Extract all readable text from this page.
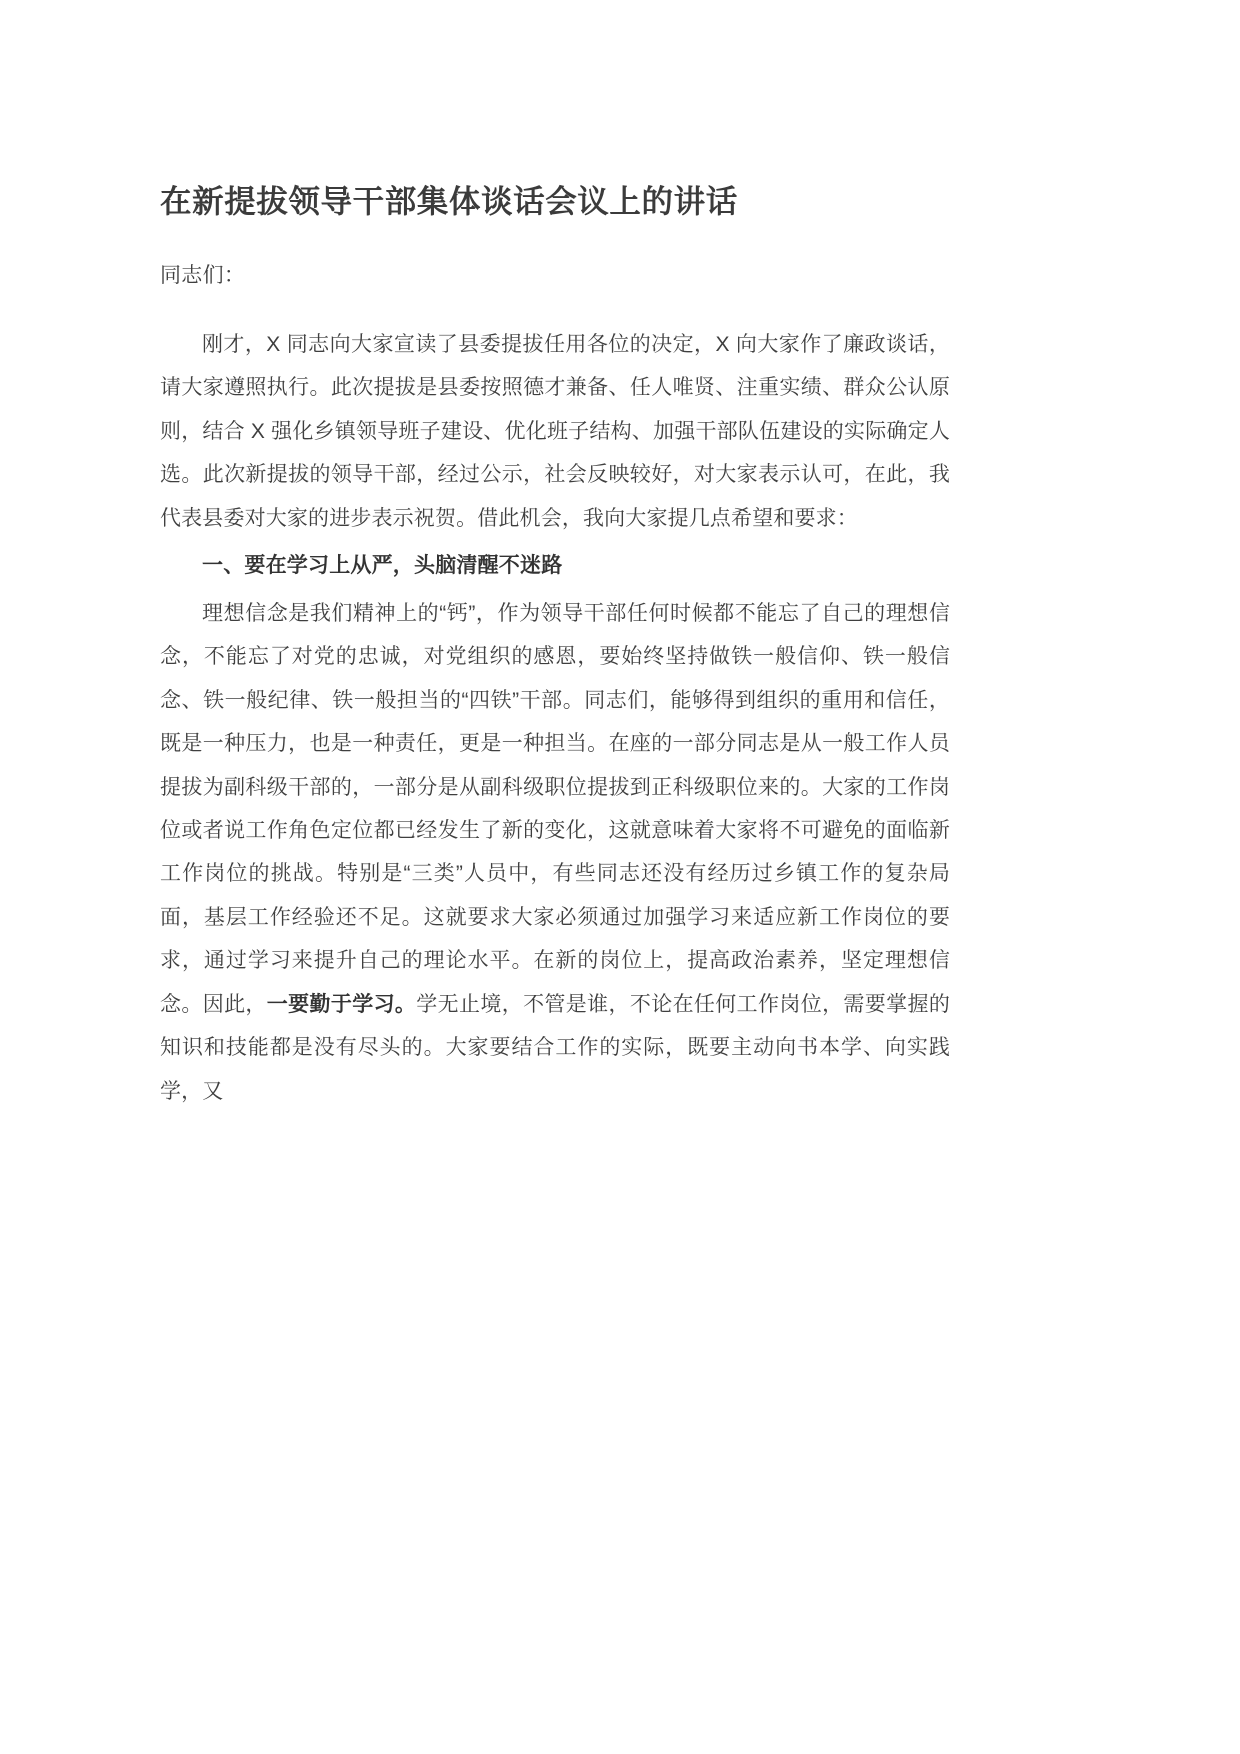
在新提拔领导干部集体谈话会议上的讲话

同志们：

刚才，X 同志向大家宣读了县委提拔任用各位的决定，X 向大家作了廉政谈话，请大家遵照执行。此次提拔是县委按照德才兼备、任人唯贤、注重实绩、群众公认原则，结合 X 强化乡镇领导班子建设、优化班子结构、加强干部队伍建设的实际确定人选。此次新提拔的领导干部，经过公示，社会反映较好，对大家表示认可，在此，我代表县委对大家的进步表示祝贺。借此机会，我向大家提几点希望和要求：

一、要在学习上从严，头脑清醒不迷路

理想信念是我们精神上的“钙”，作为领导干部任何时候都不能忘了自己的理想信念，不能忘了对党的忠诚，对党组织的感恩，要始终坚持做铁一般信仰、铁一般信念、铁一般纪律、铁一般担当的“四铁”干部。同志们，能够得到组织的重用和信任，既是一种压力，也是一种责任，更是一种担当。在座的一部分同志是从一般工作人员提拔为副科级干部的，一部分是从副科级职位提拔到正科级职位来的。大家的工作岗位或者说工作角色定位都已经发生了新的变化，这就意味着大家将不可避免的面临新工作岗位的挑战。特别是“三类”人员中，有些同志还没有经历过乡镇工作的复杂局面，基层工作经验还不足。这就要求大家必须通过加强学习来适应新工作岗位的要求，通过学习来提升自己的理论水平。在新的岗位上，提高政治素养，坚定理想信念。因此，一要勤于学习。学无止境，不管是谁，不论在任何工作岗位，需要掌握的知识和技能都是没有尽头的。大家要结合工作的实际，既要主动向书本学、向实践学，又
